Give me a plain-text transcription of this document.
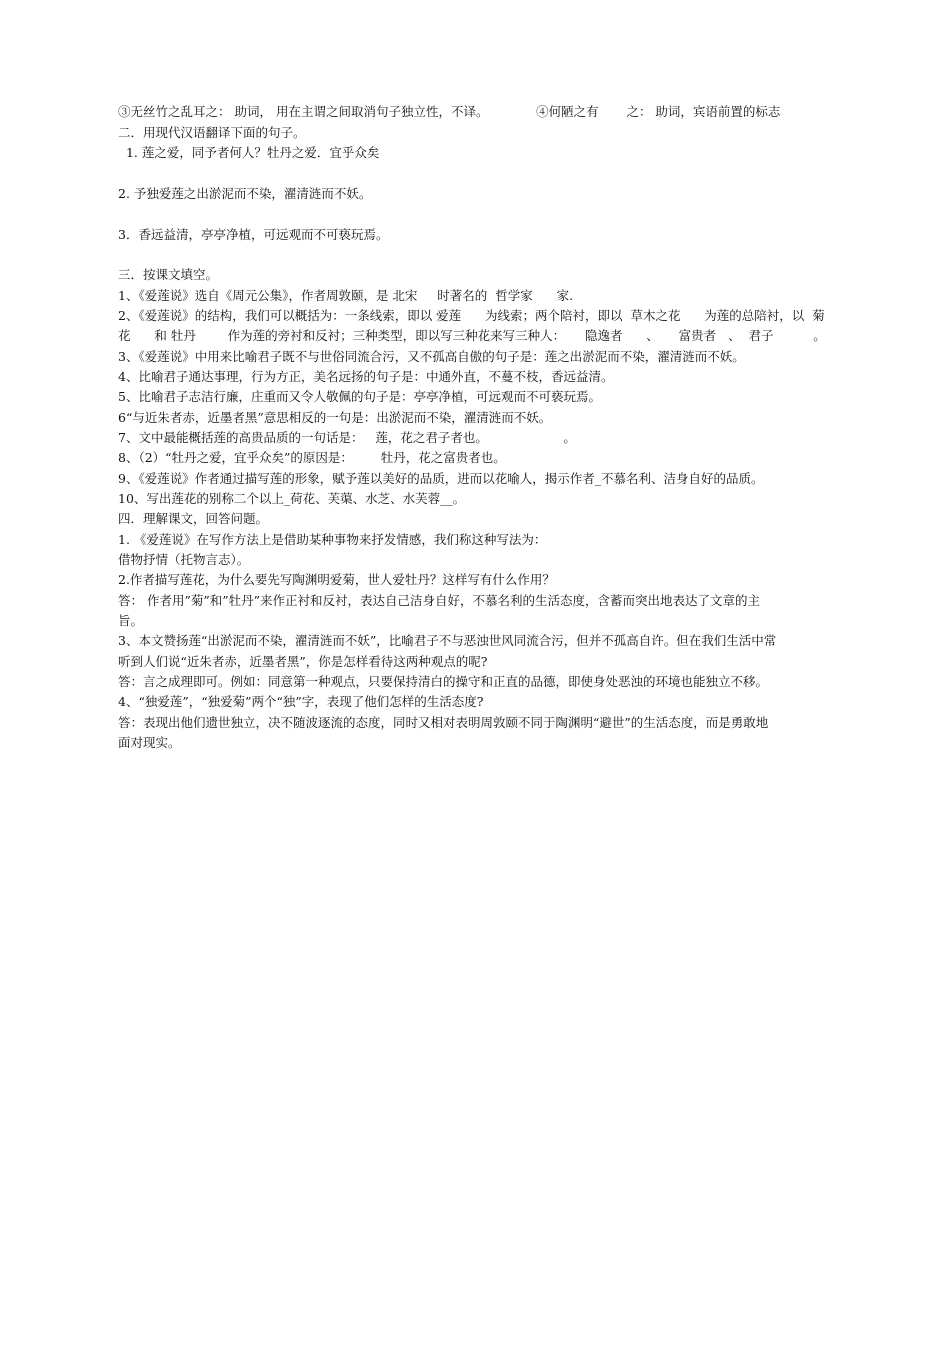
③无丝竹之乱耳之： 助词， 用在主谓之间取消句子独立性，不译。            ④何陋之有       之： 助词，宾语前置的标志
二．用现代汉语翻译下面的句子。
1. 莲之爱，同予者何人？牡丹之爱．宜乎众矣
2. 予独爱莲之出淤泥而不染，濯清涟而不妖。
3．香远益清，亭亭净植，可远观而不可亵玩焉。
三．按课文填空。
1、《爱莲说》选自《周元公集》，作者周敦颐，是 北宋     时著名的  哲学家      家.
2、《爱莲说》的结构，我们可以概括为：一条线索，即以 爱莲      为线索；两个陪衬，即以  草木之花      为莲的总陪衬，以  菊
花      和 牡丹        作为莲的旁衬和反衬；三种类型，即以写三种花来写三种人：     隐逸者      、     富贵者   、  君子          。
3、《爱莲说》中用来比喻君子既不与世俗同流合污，又不孤高自傲的句子是：莲之出淤泥而不染，濯清涟而不妖。
4、比喻君子通达事理，行为方正，美名远扬的句子是：中通外直，不蔓不枝，香远益清。
5、比喻君子志洁行廉，庄重而又令人敬佩的句子是：亭亭净植，可远观而不可亵玩焉。
6“与近朱者赤，近墨者黑”意思相反的一句是：出淤泥而不染，濯清涟而不妖。
7、文中最能概括莲的高贵品质的一句话是：   莲，花之君子者也。                   。
8、（2）“牡丹之爱，宜乎众矣”的原因是：       牡丹，花之富贵者也。
9、《爱莲说》作者通过描写莲的形象，赋予莲以美好的品质，进而以花喻人，揭示作者_不慕名利、洁身自好的品质。
10、写出莲花的别称二个以上_荷花、芙蕖、水芝、水芙蓉__。
四．理解课文，回答问题。
1. 《爱莲说》在写作方法上是借助某种事物来抒发情感，我们称这种写法为：
借物抒情（托物言志）。
2.作者描写莲花，为什么要先写陶渊明爱菊，世人爱牡丹？这样写有什么作用？
答： 作者用”菊”和”牡丹”来作正衬和反衬，表达自己洁身自好，不慕名利的生活态度，含蓄而突出地表达了文章的主
旨。
3、本文赞扬莲“出淤泥而不染，濯清涟而不妖”，比喻君子不与恶浊世风同流合污，但并不孤高自许。但在我们生活中常
听到人们说“近朱者赤，近墨者黑”，你是怎样看待这两种观点的呢?
答：言之成理即可。例如：同意第一种观点，只要保持清白的操守和正直的品德，即使身处恶浊的环境也能独立不移。
4、“独爱莲”，“独爱菊”两个“独”字，表现了他们怎样的生活态度?
答：表现出他们遗世独立，决不随波逐流的态度，同时又相对表明周敦颐不同于陶渊明“避世”的生活态度，而是勇敢地
面对现实。
